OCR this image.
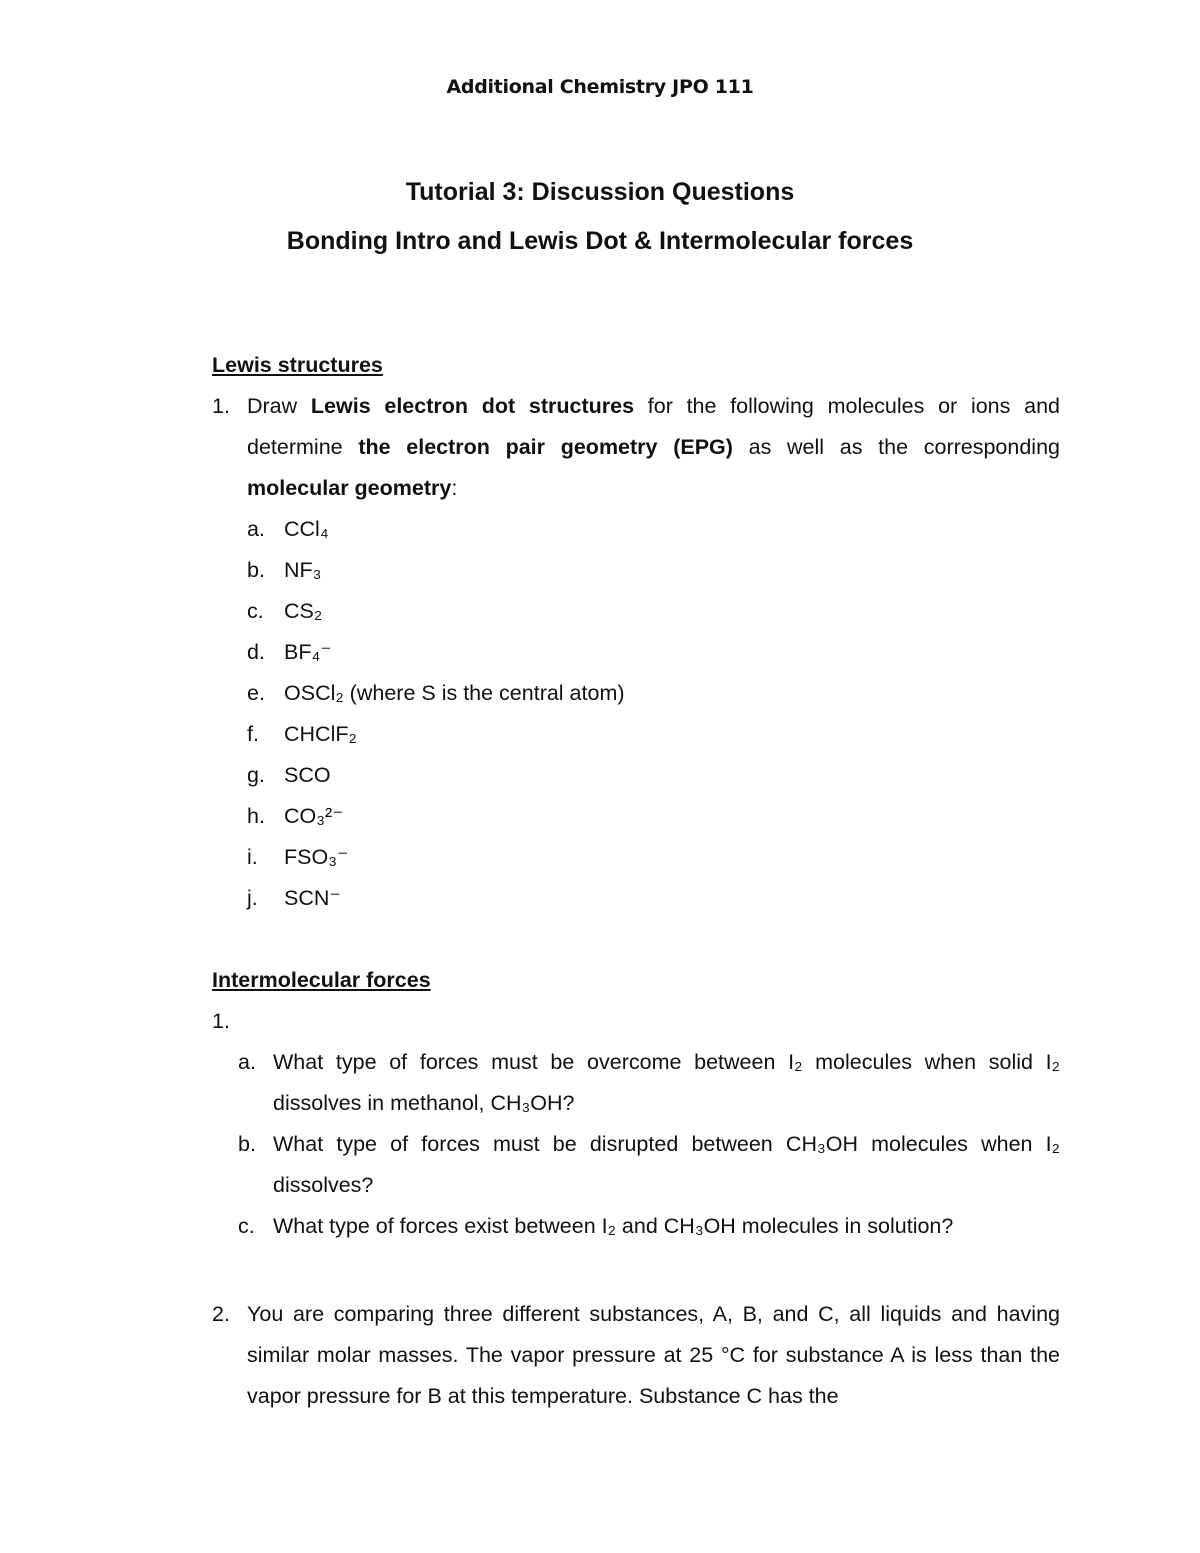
Additional Chemistry JPO 111
Tutorial 3: Discussion Questions
Bonding Intro and Lewis Dot & Intermolecular forces
Lewis structures
1. Draw Lewis electron dot structures for the following molecules or ions and determine the electron pair geometry (EPG) as well as the corresponding molecular geometry:
a. CCl₄
b. NF₃
c. CS₂
d. BF₄⁻
e. OSCl₂ (where S is the central atom)
f.	CHClF₂
g. SCO
h. CO₃²⁻
i.	FSO₃⁻
j.	SCN⁻
Intermolecular forces
1.
a. What type of forces must be overcome between I₂ molecules when solid I₂ dissolves in methanol, CH₃OH?
b. What type of forces must be disrupted between CH₃OH molecules when I₂ dissolves?
c. What type of forces exist between I₂ and CH₃OH molecules in solution?
2. You are comparing three different substances, A, B, and C, all liquids and having similar molar masses. The vapor pressure at 25 °C for substance A is less than the vapor pressure for B at this temperature. Substance C has the
